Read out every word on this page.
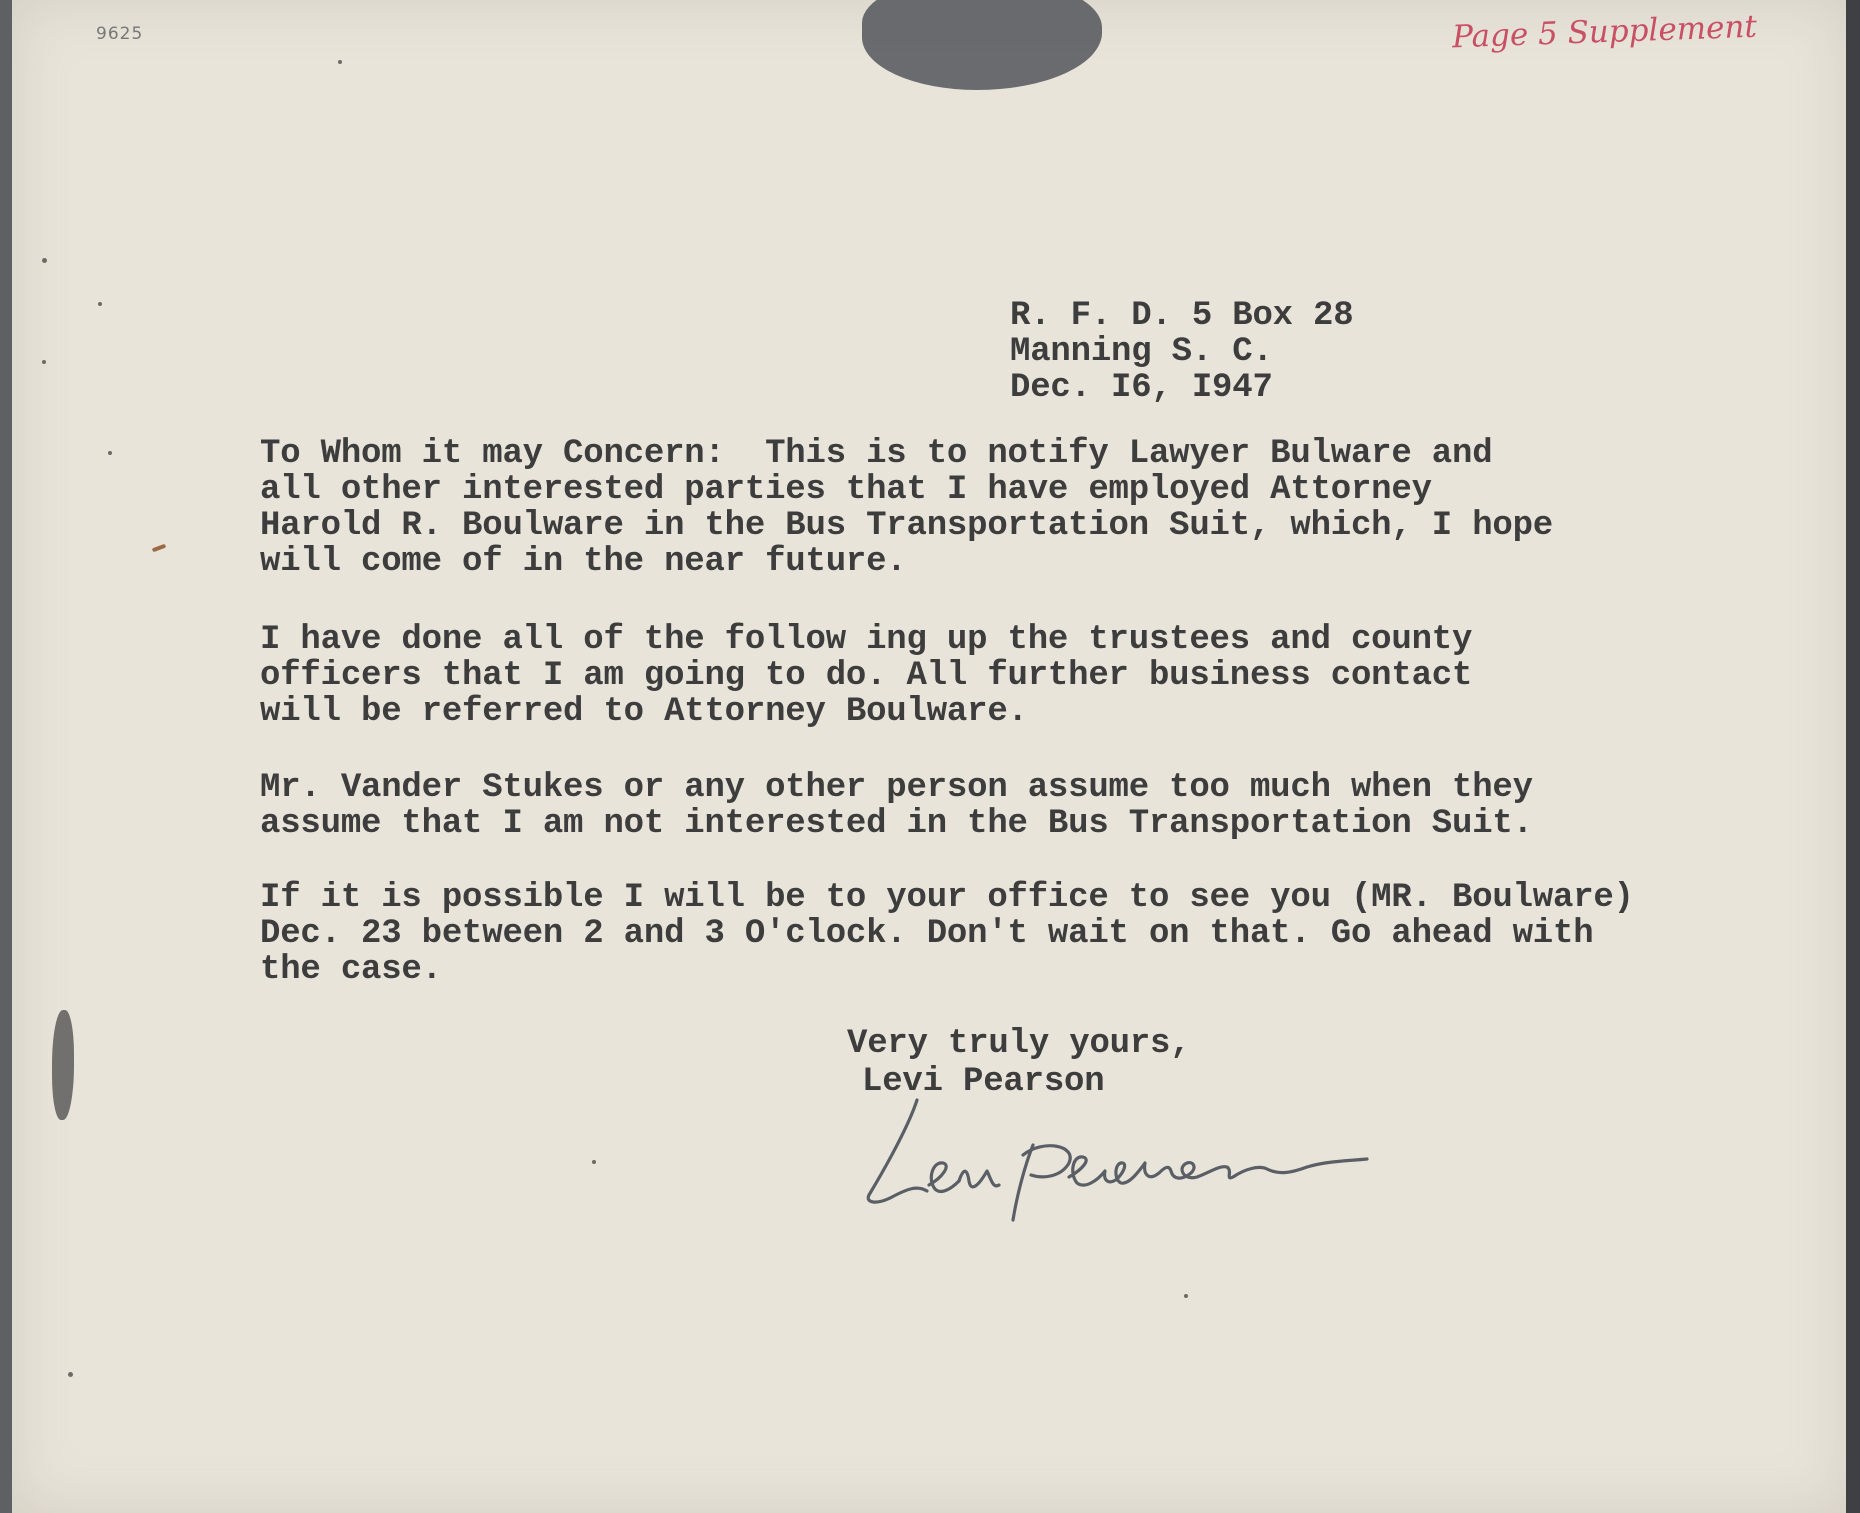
9625	Page 5 Supplement
R. F. D. 5 Box 28
Manning S. C.
Dec. I6, I947
To Whom it may Concern:  This is to notify Lawyer Bulware and
all other interested parties that I have employed Attorney
Harold R. Boulware in the Bus Transportation Suit, which, I hope
will come of in the near future.
I have done all of the follow ing up the trustees and county
officers that I am going to do. All further business contact
will be referred to Attorney Boulware.
Mr. Vander Stukes or any other person assume too much when they
assume that I am not interested in the Bus Transportation Suit.
If it is possible I will be to your office to see you (MR. Boulware)
Dec. 23 between 2 and 3 O'clock. Don't wait on that. Go ahead with
the case.
Very truly yours,
Levi Pearson
